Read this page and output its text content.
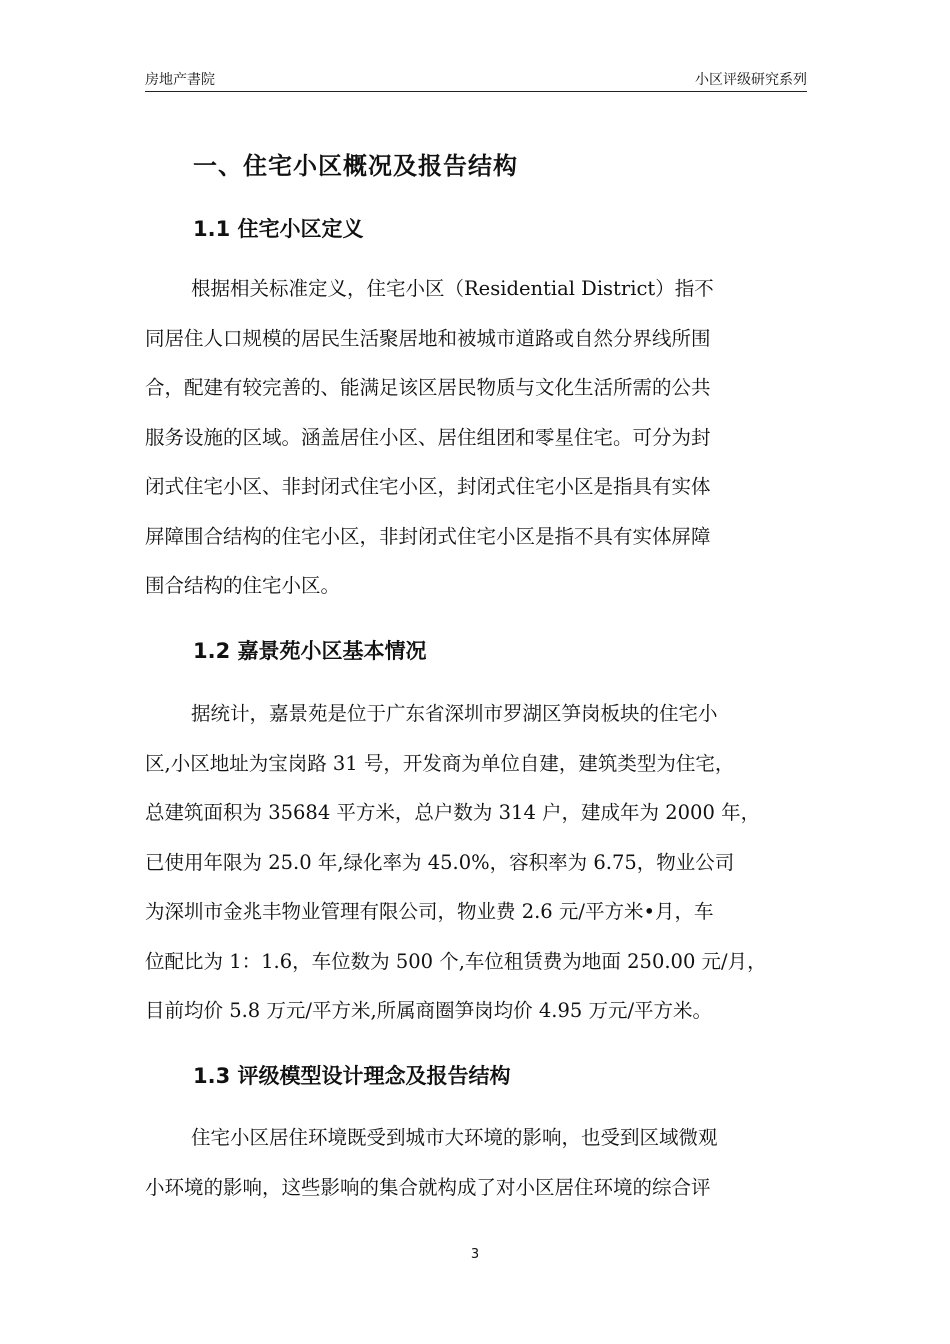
房地产書院	小区评级研究系列
一、住宅小区概况及报告结构
1.1 住宅小区定义
根据相关标准定义，住宅小区（Residential District）指不
同居住人口规模的居民生活聚居地和被城市道路或自然分界线所围
合，配建有较完善的、能满足该区居民物质与文化生活所需的公共
服务设施的区域。涵盖居住小区、居住组团和零星住宅。可分为封
闭式住宅小区、非封闭式住宅小区，封闭式住宅小区是指具有实体
屏障围合结构的住宅小区，非封闭式住宅小区是指不具有实体屏障
围合结构的住宅小区。
1.2 嘉景苑小区基本情况
据统计，嘉景苑是位于广东省深圳市罗湖区笋岗板块的住宅小
区,小区地址为宝岗路 31 号，开发商为单位自建，建筑类型为住宅，
总建筑面积为 35684 平方米，总户数为 314 户，建成年为 2000 年，
已使用年限为 25.0 年,绿化率为 45.0%，容积率为 6.75，物业公司
为深圳市金兆丰物业管理有限公司，物业费 2.6 元/平方米•月，车
位配比为 1：1.6，车位数为 500 个,车位租赁费为地面 250.00 元/月，
目前均价 5.8 万元/平方米,所属商圈笋岗均价 4.95 万元/平方米。
1.3 评级模型设计理念及报告结构
住宅小区居住环境既受到城市大环境的影响，也受到区域微观
小环境的影响，这些影响的集合就构成了对小区居住环境的综合评
3
